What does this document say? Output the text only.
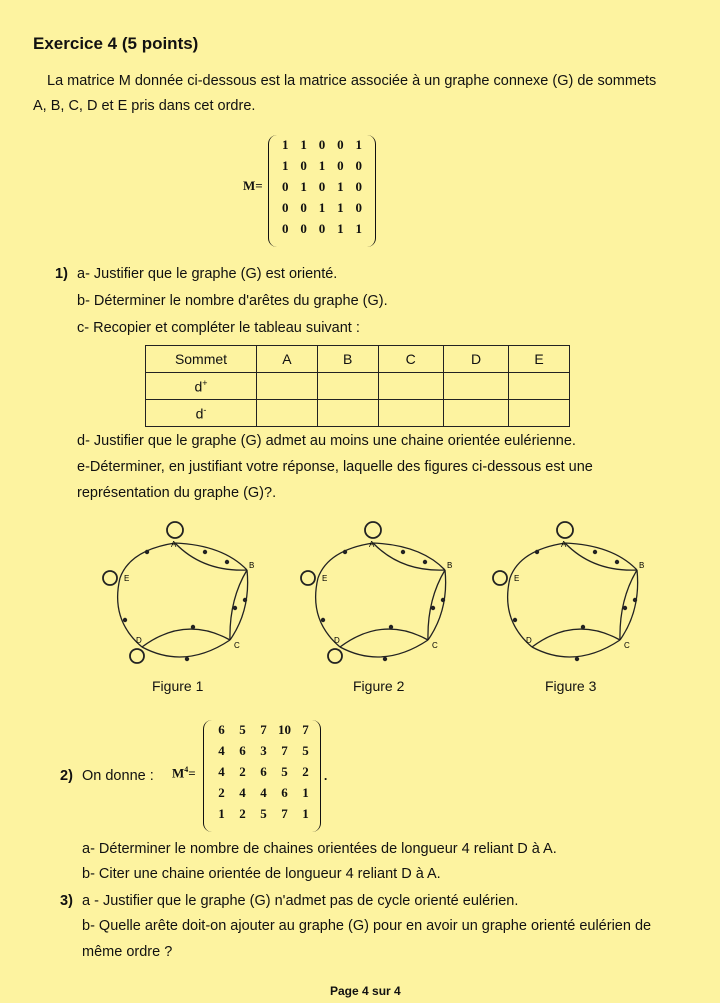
Exercice 4 (5 points)
La matrice M donnée ci-dessous est la matrice associée à un graphe connexe (G) de sommets
A, B, C, D et E pris dans cet ordre.
M=
1 1 0 0 1
1 0 1 0 0
0 1 0 1 0
0 0 1 1 0
0 0 0 1 1
1) a- Justifier que le graphe (G) est orienté.
b- Déterminer le nombre d'arêtes du graphe (G).
c- Recopier et compléter le tableau suivant :
Sommet	A	B	C	D	E
d+					
d-					
d- Justifier que le graphe (G) admet au moins une chaine orientée eulérienne.
e-Déterminer, en justifiant votre réponse, laquelle des figures ci-dessous est une
représentation du graphe (G)?.
A
B
C
D
E
A
B
C
D
E
A
B
C
D
E
Figure 1	Figure 2	Figure 3
2) On donne : $M^4=$
6	5	7 10 7
4	6	3	7	5
4	2	6	5	2
2	4	4	6	1
1	2	5	7	1
.
a- Déterminer le nombre de chaines orientées de longueur 4 reliant D à A.
b- Citer une chaine orientée de longueur 4 reliant D à A.
3) a - Justifier que le graphe (G) n'admet pas de cycle orienté eulérien.
b- Quelle arête doit-on ajouter au graphe (G) pour en avoir un graphe orienté eulérien de
même ordre ?
Page 4 sur 4
